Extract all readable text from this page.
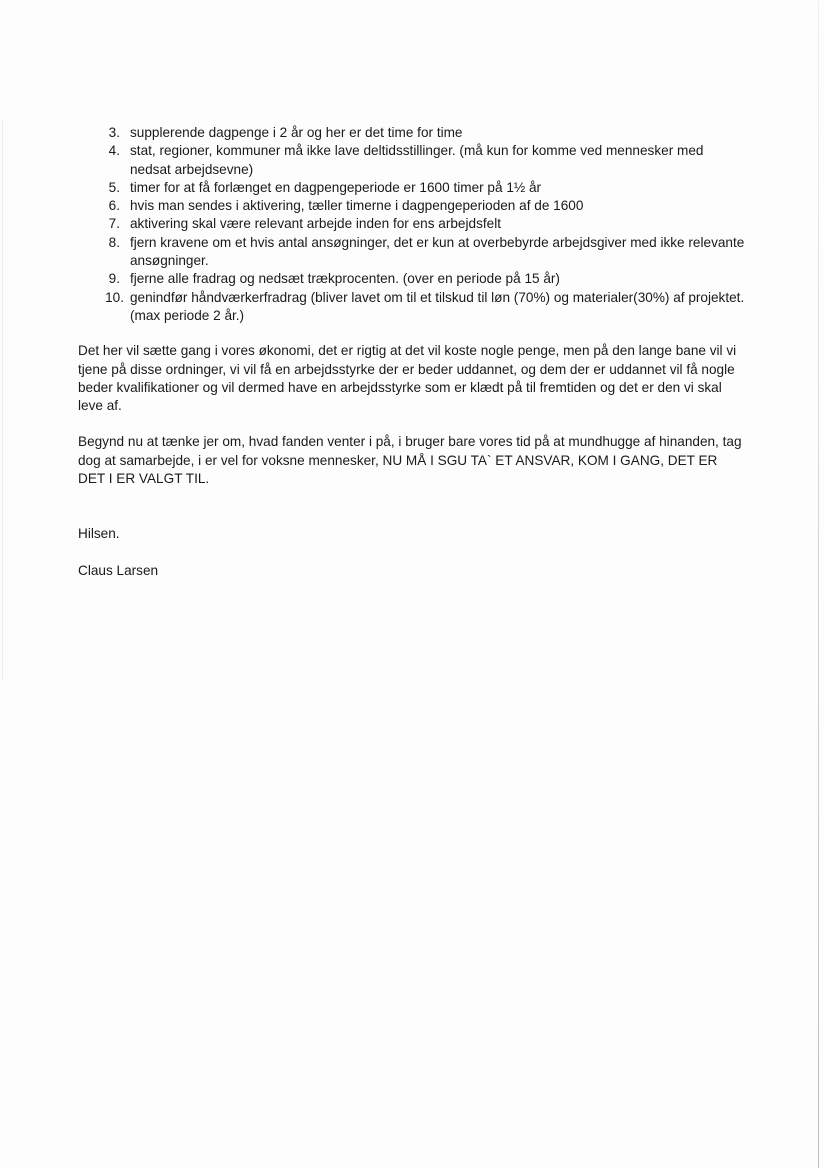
3. supplerende dagpenge i 2 år og her er det time for time
4. stat, regioner, kommuner må ikke lave deltidsstillinger. (må kun for komme ved mennesker med nedsat arbejdsevne)
5. timer for at få forlænget en dagpengeperiode er 1600 timer på 1½ år
6. hvis man sendes i aktivering, tæller timerne i dagpengeperioden af de 1600
7. aktivering skal være relevant arbejde inden for ens arbejdsfelt
8. fjern kravene om et hvis antal ansøgninger, det er kun at overbebyrde arbejdsgiver med ikke relevante ansøgninger.
9. fjerne alle fradrag og nedsæt trækprocenten. (over en periode på 15 år)
10. genindfør håndværkerfradrag (bliver lavet om til et tilskud til løn (70%) og materialer(30%) af projektet. (max periode 2 år.)

Det her vil sætte gang i vores økonomi, det er rigtig at det vil koste nogle penge, men på den lange bane vil vi tjene på disse ordninger, vi vil få en arbejdsstyrke der er beder uddannet, og dem der er uddannet vil få nogle beder kvalifikationer og vil dermed have en arbejdsstyrke som er klædt på til fremtiden og det er den vi skal leve af.

Begynd nu at tænke jer om, hvad fanden venter i på, i bruger bare vores tid på at mundhugge af hinanden, tag dog at samarbejde, i er vel for voksne mennesker, NU MÅ I SGU TA` ET ANSVAR, KOM I GANG, DET ER DET I ER VALGT TIL.

Hilsen.

Claus Larsen
